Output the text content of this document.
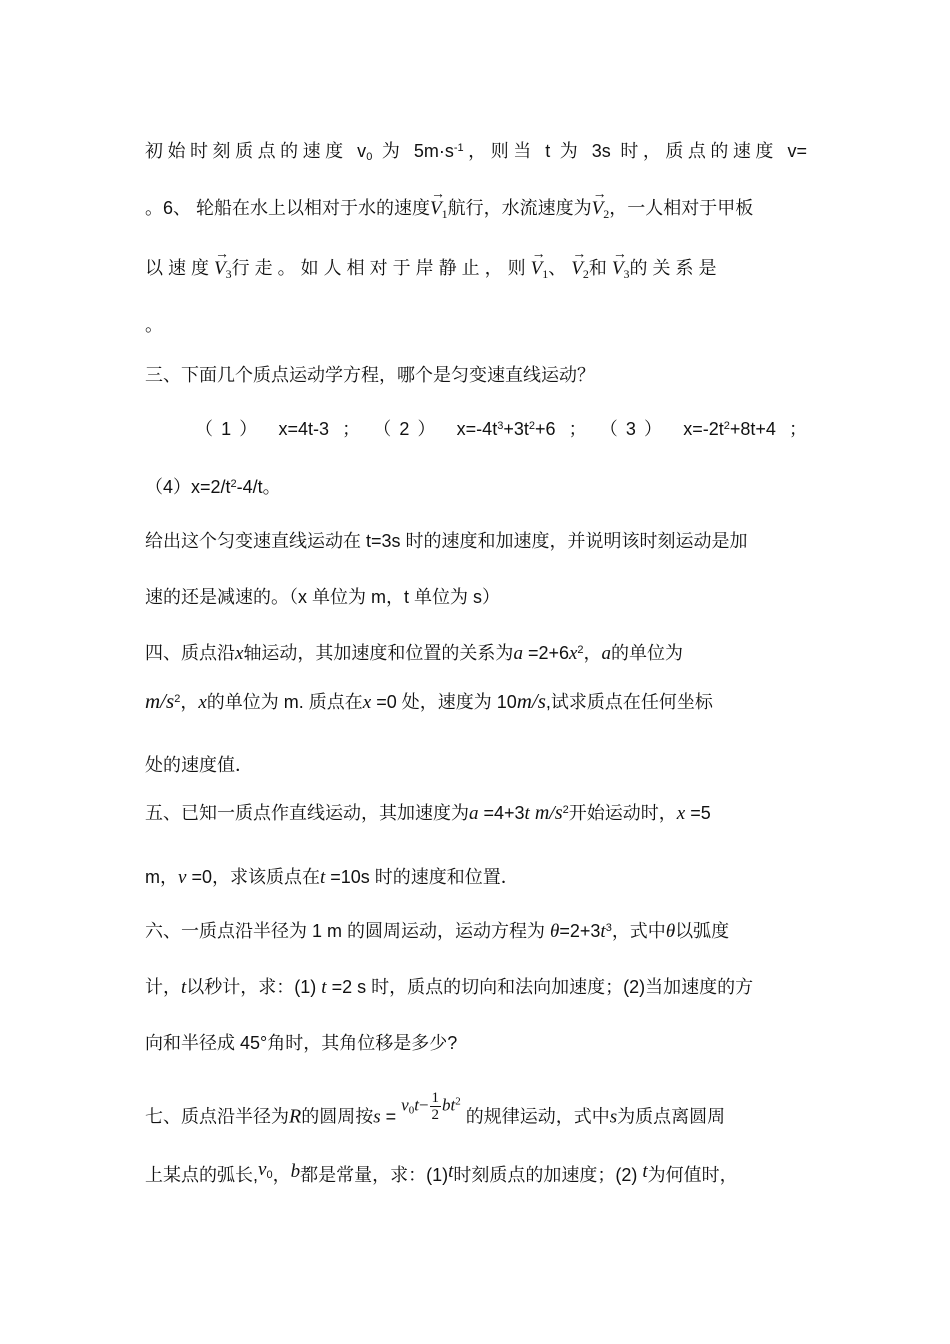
初始时刻质点的速度 $v_0$ 为 $5m\cdot s^{-1}$，则当 t 为 3s 时，质点的速度 v=
。6、 轮船在水上以相对于水的速度
→
$V_1$航行，水流速度为
→
$V_2$，一人相对于甲板
以 速 度
→
$V_3$行 走 。 如 人 相 对 于 岸 静 止 ， 则
→
$V_1$、
→
$V_2$和
→
$V_3$的 关 系 是
。
三、下面几个质点运动学方程，哪个是匀变速直线运动？
（1） x=4t-3 ； （2） $x=-4t^3+3t^2+6$ ； （3） $x=-2t^2+8t+4$ ；
$(4)x=2/t^2-4/t$。
给出这个匀变速直线运动在 t=3s 时的速度和加速度，并说明该时刻运动是加
速的还是减速的。（x 单位为 m，t 单位为 s）
四、质点沿x轴运动，其加速度和位置的关系为$a =2+6x^2$，a的单位为
$m/s^2$，x的单位为 m. 质点在x =0 处，速度为 10m/s,试求质点在任何坐标
处的速度值．
五、已知一质点作直线运动，其加速度为a =4+3t $m/s^2$开始运动时，x =5
m，v =0，求该质点在t =10s 时的速度和位置．
六、一质点沿半径为 1 m 的圆周运动，运动方程为 $\theta=2+3t^3$，式中θ以弧度
计，t以秒计，求：(1) t =2 s 时，质点的切向和法向加速度；(2)当加速度的方
向和半径成 45°角时，其角位移是多少?
七、质点沿半径为R的圆周按$s = v_0t- \frac{1}{2} bt^2$ 的规律运动，式中s为质点离圆周
上某点的弧长$,v_0$，b都是常量，求：(1)t时刻质点的加速度；(2) t为何值时，
